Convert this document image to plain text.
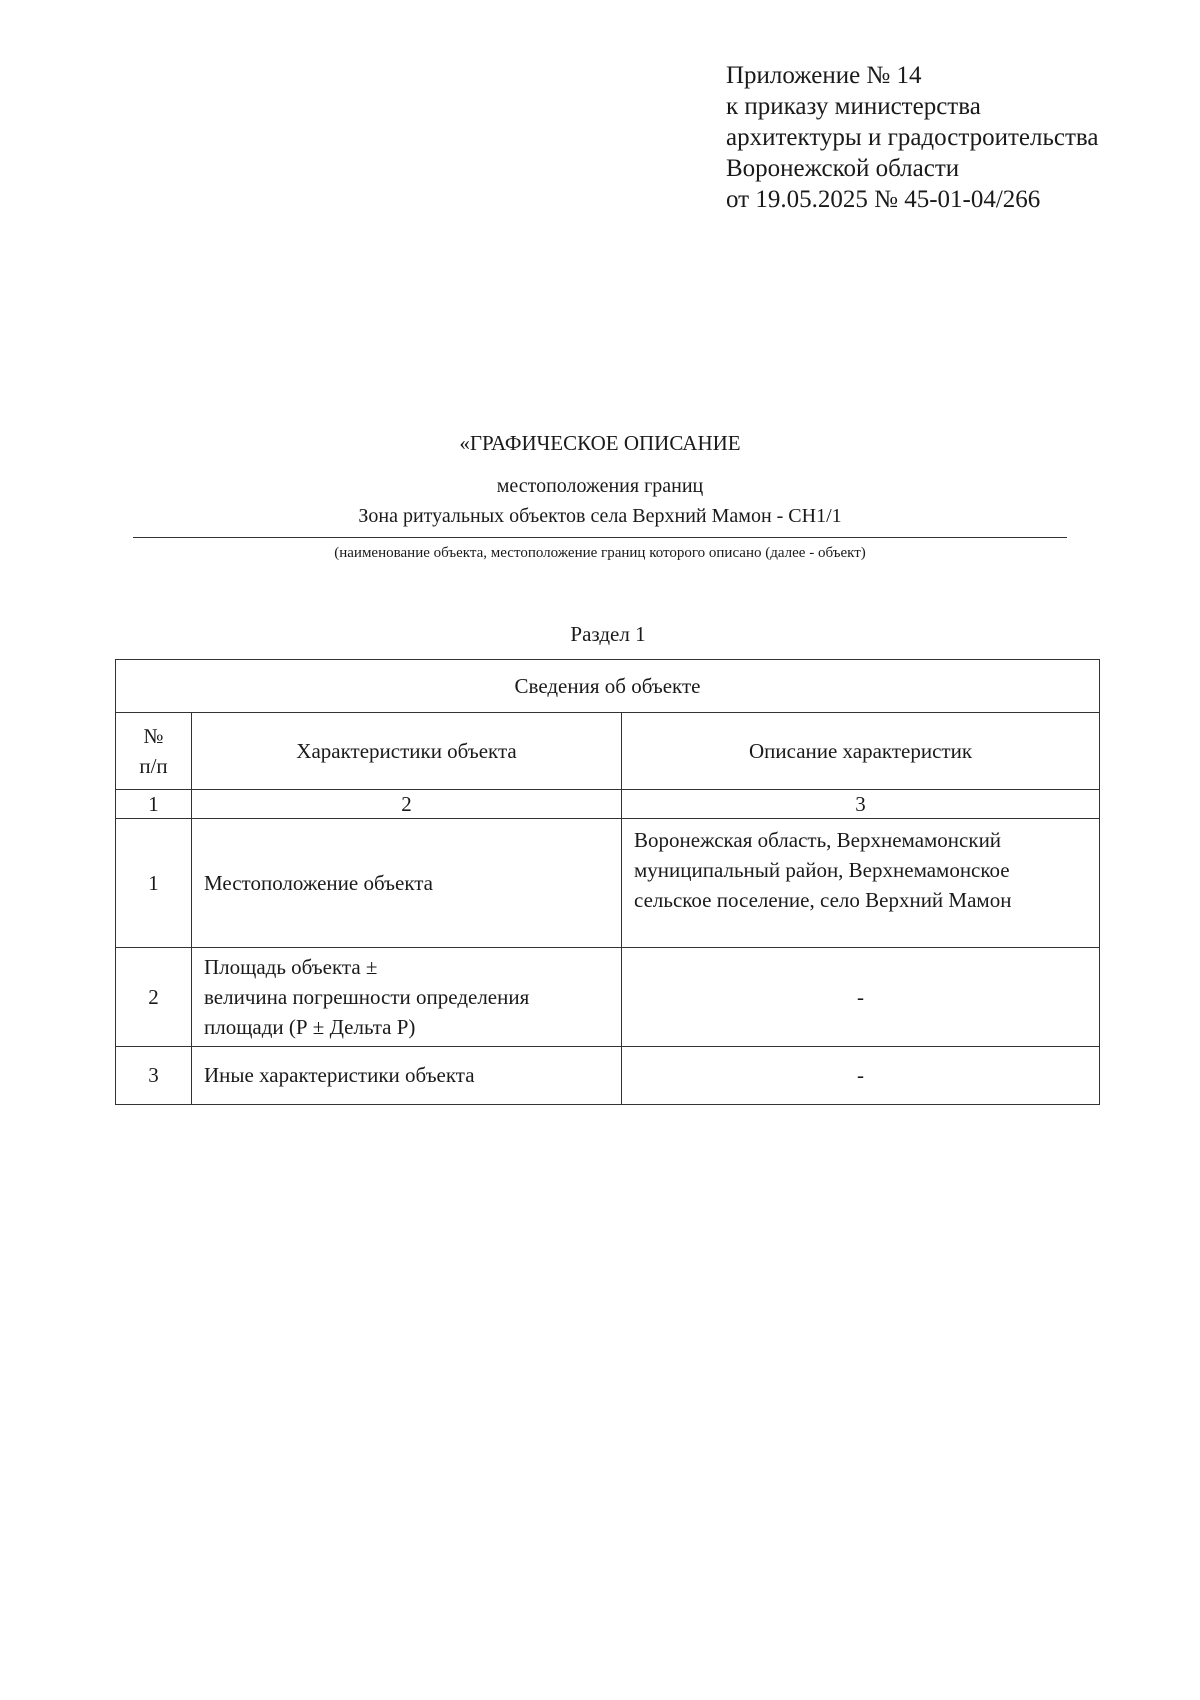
Приложение № 14
к приказу министерства
архитектуры и градостроительства
Воронежской области
от 19.05.2025 № 45-01-04/266
«ГРАФИЧЕСКОЕ ОПИСАНИЕ
местоположения границ
Зона ритуальных объектов села Верхний Мамон - СН1/1
(наименование объекта, местоположение границ которого описано (далее - объект)
Раздел 1
Сведения об объекте		

№
п/п	Характеристики объекта	Описание характеристик
1	2	3
1	Местоположение объекта	Воронежская область, Верхнемамонский
муниципальный район, Верхнемамонское
сельское поселение, село Верхний Мамон

2	Площадь объекта ±
величина погрешности определения
площади (Р ± Дельта Р)	-
3	Иные характеристики объекта	-
